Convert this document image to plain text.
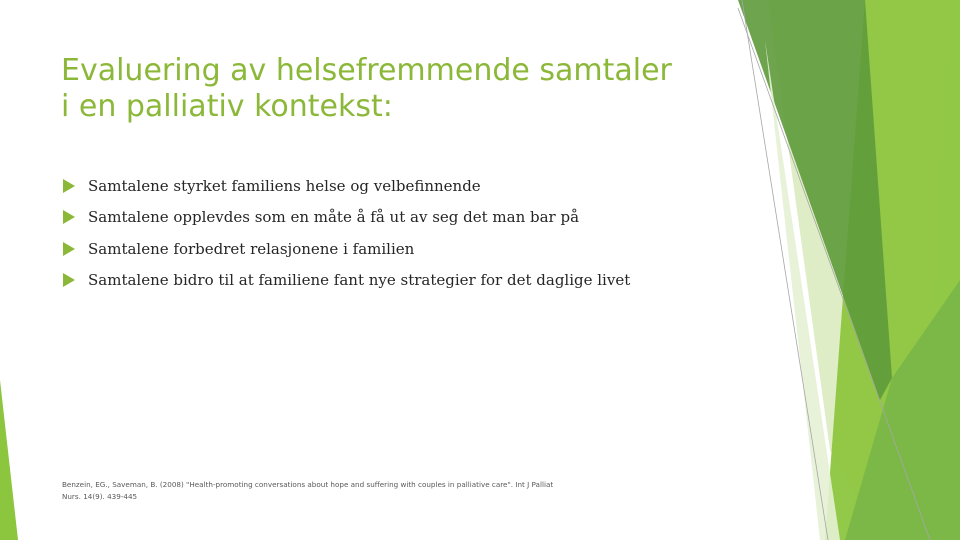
Evaluering av helsefremmende samtaler
i en palliativ kontekst:
Samtalene styrket familiens helse og velbefinnende
Samtalene opplevdes som en måte å få ut av seg det man bar på
Samtalene forbedret relasjonene i familien
Samtalene bidro til at familiene fant nye strategier for det daglige livet
Benzein, EG., Saveman, B. (2008) "Health-promoting conversations about hope and suffering with couples in palliative care". Int J Palliat
Nurs. 14(9). 439-445
